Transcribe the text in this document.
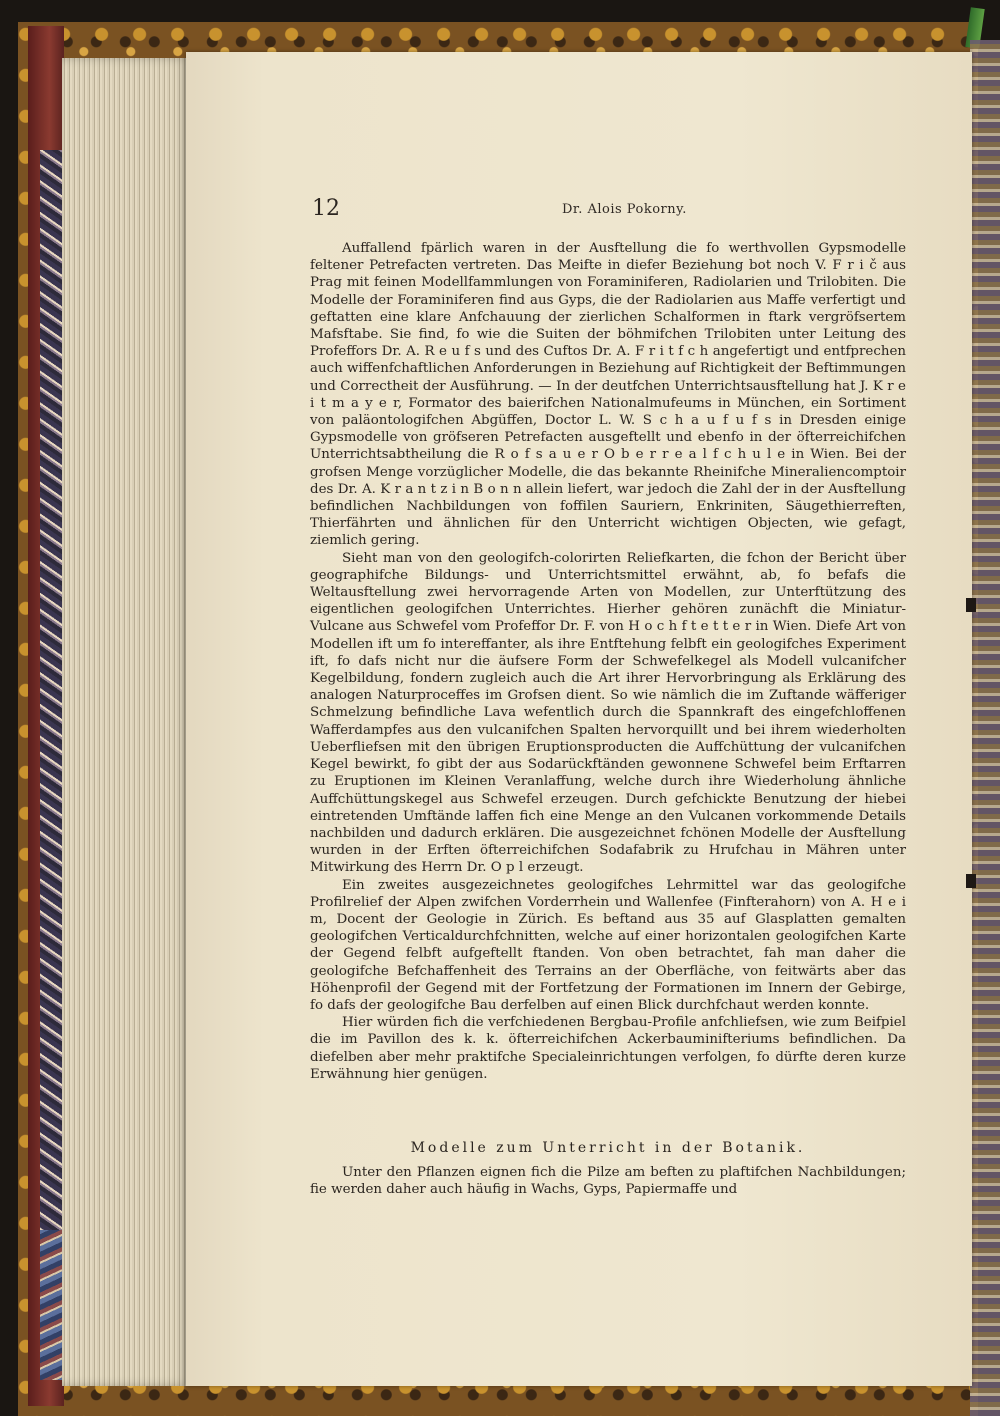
12	Dr. Alois Pokorny.

Auffallend fpärlich waren in der Ausftellung die fo werthvollen Gypsmodelle feltener Petrefacten vertreten. Das Meifte in diefer Beziehung bot noch V. F r i č aus Prag mit feinen Modellfammlungen von Foraminiferen, Radiolarien und Trilobiten. Die Modelle der Foraminiferen find aus Gyps, die der Radiolarien aus Maffe verfertigt und geftatten eine klare Anfchauung der zierlichen Schalformen in ftark vergröfsertem Mafsftabe. Sie find, fo wie die Suiten der böhmifchen Trilobiten unter Leitung des Profeffors Dr. A. R e u f s und des Cuftos Dr. A. F r i t f c h angefertigt und entfprechen auch wiffenfchaftlichen Anforderungen in Beziehung auf Richtigkeit der Beftimmungen und Correctheit der Ausführung. — In der deutfchen Unterrichtsausftellung hat J. K r e i t m a y e r, Formator des baierifchen Nationalmufeums in München, ein Sortiment von paläontologifchen Abgüffen, Doctor L. W. S c h a u f u f s in Dresden einige Gypsmodelle von gröfseren Petrefacten ausgeftellt und ebenfo in der öfterreichifchen Unterrichtsabtheilung die R o f s a u e r O b e r r e a l f c h u l e in Wien. Bei der grofsen Menge vorzüglicher Modelle, die das bekannte Rheinifche Mineraliencomptoir des Dr. A. K r a n t z i n B o n n allein liefert, war jedoch die Zahl der in der Ausftellung befindlichen Nachbildungen von foffilen Sauriern, Enkriniten, Säugethierreften, Thierfährten und ähnlichen für den Unterricht wichtigen Objecten, wie gefagt, ziemlich gering.

Sieht man von den geologifch-colorirten Reliefkarten, die fchon der Bericht über geographifche Bildungs- und Unterrichtsmittel erwähnt, ab, fo befafs die Weltausftellung zwei hervorragende Arten von Modellen, zur Unterftützung des eigentlichen geologifchen Unterrichtes. Hierher gehören zunächft die Miniatur-Vulcane aus Schwefel vom Profeffor Dr. F. von H o c h f t e t t e r in Wien. Diefe Art von Modellen ift um fo intereffanter, als ihre Entftehung felbft ein geologifches Experiment ift, fo dafs nicht nur die äufsere Form der Schwefelkegel als Modell vulcanifcher Kegelbildung, fondern zugleich auch die Art ihrer Hervorbringung als Erklärung des analogen Naturproceffes im Grofsen dient. So wie nämlich die im Zuftande wäfferiger Schmelzung befindliche Lava wefentlich durch die Spannkraft des eingefchloffenen Wafferdampfes aus den vulcanifchen Spalten hervorquillt und bei ihrem wiederholten Ueberfliefsen mit den übrigen Eruptionsproducten die Auffchüttung der vulcanifchen Kegel bewirkt, fo gibt der aus Sodarückftänden gewonnene Schwefel beim Erftarren zu Eruptionen im Kleinen Veranlaffung, welche durch ihre Wiederholung ähnliche Auffchüttungskegel aus Schwefel erzeugen. Durch gefchickte Benutzung der hiebei eintretenden Umftände laffen fich eine Menge an den Vulcanen vorkommende Details nachbilden und dadurch erklären. Die ausgezeichnet fchönen Modelle der Ausftellung wurden in der Erften öfterreichifchen Sodafabrik zu Hrufchau in Mähren unter Mitwirkung des Herrn Dr. O p l erzeugt.

Ein zweites ausgezeichnetes geologifches Lehrmittel war das geologifche Profilrelief der Alpen zwifchen Vorderrhein und Wallenfee (Finfterahorn) von A. H e i m, Docent der Geologie in Zürich. Es beftand aus 35 auf Glasplatten gemalten geologifchen Verticaldurchfchnitten, welche auf einer horizontalen geologifchen Karte der Gegend felbft aufgeftellt ftanden. Von oben betrachtet, fah man daher die geologifche Befchaffenheit des Terrains an der Oberfläche, von feitwärts aber das Höhenprofil der Gegend mit der Fortfetzung der Formationen im Innern der Gebirge, fo dafs der geologifche Bau derfelben auf einen Blick durchfchaut werden konnte.

Hier würden fich die verfchiedenen Bergbau-Profile anfchliefsen, wie zum Beifpiel die im Pavillon des k. k. öfterreichifchen Ackerbauminifteriums befindlichen. Da diefelben aber mehr praktifche Specialeinrichtungen verfolgen, fo dürfte deren kurze Erwähnung hier genügen.

Modelle zum Unterricht in der Botanik.

Unter den Pflanzen eignen fich die Pilze am beften zu plaftifchen Nachbildungen; fie werden daher auch häufig in Wachs, Gyps, Papiermaffe und
